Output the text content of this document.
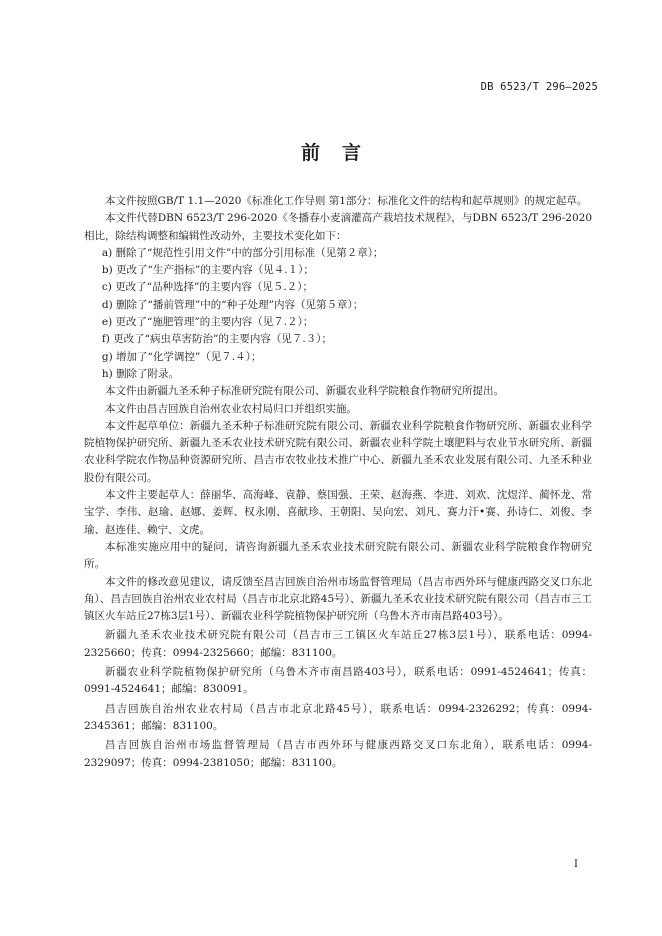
DB 6523/T 296—2025
前言

本文件按照GB/T 1.1—2020《标准化工作导则 第1部分：标准化文件的结构和起草规则》的规定起草。

本文件代替DBN 6523/T 296-2020《冬播春小麦滴灌高产栽培技术规程》，与DBN 6523/T 296-2020相比，除结构调整和编辑性改动外，主要技术变化如下：

a) 删除了“规范性引用文件”中的部分引用标准（见第２章）；

b) 更改了“生产指标”的主要内容（见４.１）；

c) 更改了“品种选择”的主要内容（见５.２）；

d) 删除了“播前管理”中的“种子处理”内容（见第５章）；

e) 更改了“施肥管理”的主要内容（见７.２）；

f) 更改了“病虫草害防治”的主要内容（见７.３）；

g) 增加了“化学调控”（见７.４）；

h) 删除了附录。

本文件由新疆九圣禾种子标准研究院有限公司、新疆农业科学院粮食作物研究所提出。

本文件由昌吉回族自治州农业农村局归口并组织实施。

本文件起草单位：新疆九圣禾种子标准研究院有限公司、新疆农业科学院粮食作物研究所、新疆农业科学院植物保护研究所、新疆九圣禾农业技术研究院有限公司、新疆农业科学院土壤肥料与农业节水研究所、新疆农业科学院农作物品种资源研究所、昌吉市农牧业技术推广中心、新疆九圣禾农业发展有限公司、九圣禾种业股份有限公司。

本文件主要起草人：薛丽华、高海峰、袁静、蔡国强、王荣、赵海燕、李进、刘欢、沈煜洋、蔺怀龙、常宝学、李伟、赵瑜、赵娜、姜辉、权永刚、喜献珍、王朝阳、吴向宏、刘凡、赛力汗•赛、孙诗仁、刘俊、李瑜、赵连佳、赖宁、文虎。

本标准实施应用中的疑问，请咨询新疆九圣禾农业技术研究院有限公司、新疆农业科学院粮食作物研究所。

本文件的修改意见建议，请反馈至昌吉回族自治州市场监督管理局（昌吉市西外环与健康西路交叉口东北角）、昌吉回族自治州农业农村局（昌吉市北京北路45号）、新疆九圣禾农业技术研究院有限公司（昌吉市三工镇区火车站丘27栋3层1号）、新疆农业科学院植物保护研究所（乌鲁木齐市南昌路403号）。

新疆九圣禾农业技术研究院有限公司（昌吉市三工镇区火车站丘27栋3层1号），联系电话：0994-2325660；传真：0994-2325660；邮编：831100。

新疆农业科学院植物保护研究所（乌鲁木齐市南昌路403号），联系电话：0991-4524641；传真：0991-4524641；邮编：830091。

昌吉回族自治州农业农村局（昌吉市北京北路45号），联系电话：0994-2326292；传真：0994-2345361；邮编：831100。

昌吉回族自治州市场监督管理局（昌吉市西外环与健康西路交叉口东北角），联系电话：0994-2329097；传真：0994-2381050；邮编：831100。

I
